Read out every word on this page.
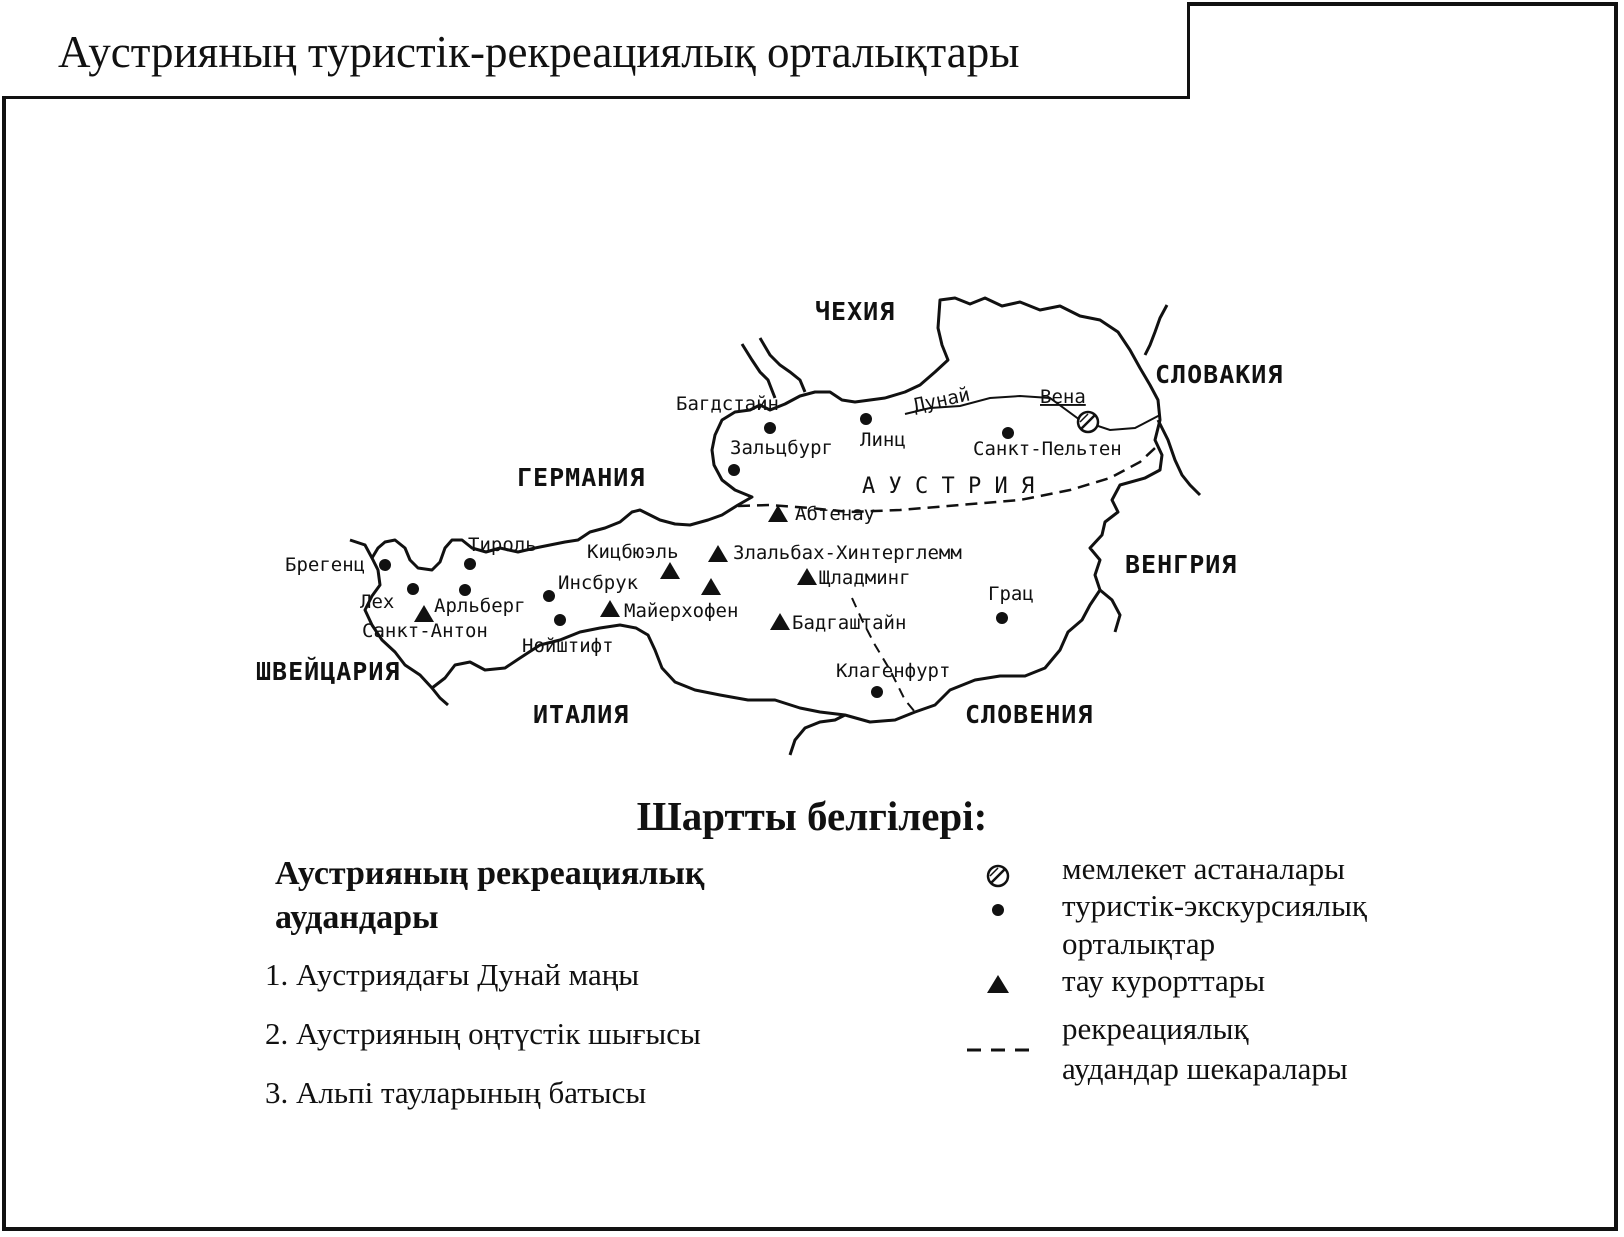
Аустрияның туристік-рекреациялық орталықтары
ЧЕХИЯ
СЛОВАКИЯ
ГЕРМАНИЯ
ВЕНГРИЯ
ШВЕЙЦАРИЯ
ИТАЛИЯ	СЛОВЕНИЯ
А У С Т Р И Я
Дунай	Вена
Багдстайн
Зальцбург Линц	Санкт-Пельтен
Абтенау
Тироль
Брегенц
Кицбюэль	Злальбах-Хинтерглемм
Инсбрук	Щладминг
Грац
Лех Арльберг	Майерхофен
Бадгаштайн
Санкт-Антон
Нойштифт
Клагенфурт
Шартты белгілері:
Аустрияның рекреациялық аудандары
1. Аустриядағы Дунай маңы
2. Аустрияның оңтүстік шығысы
3. Альпі тауларының батысы
мемлекет астаналары
туристік-экскурсиялық
орталықтар
тау курорттары
рекреациялық
аудандар шекаралары
